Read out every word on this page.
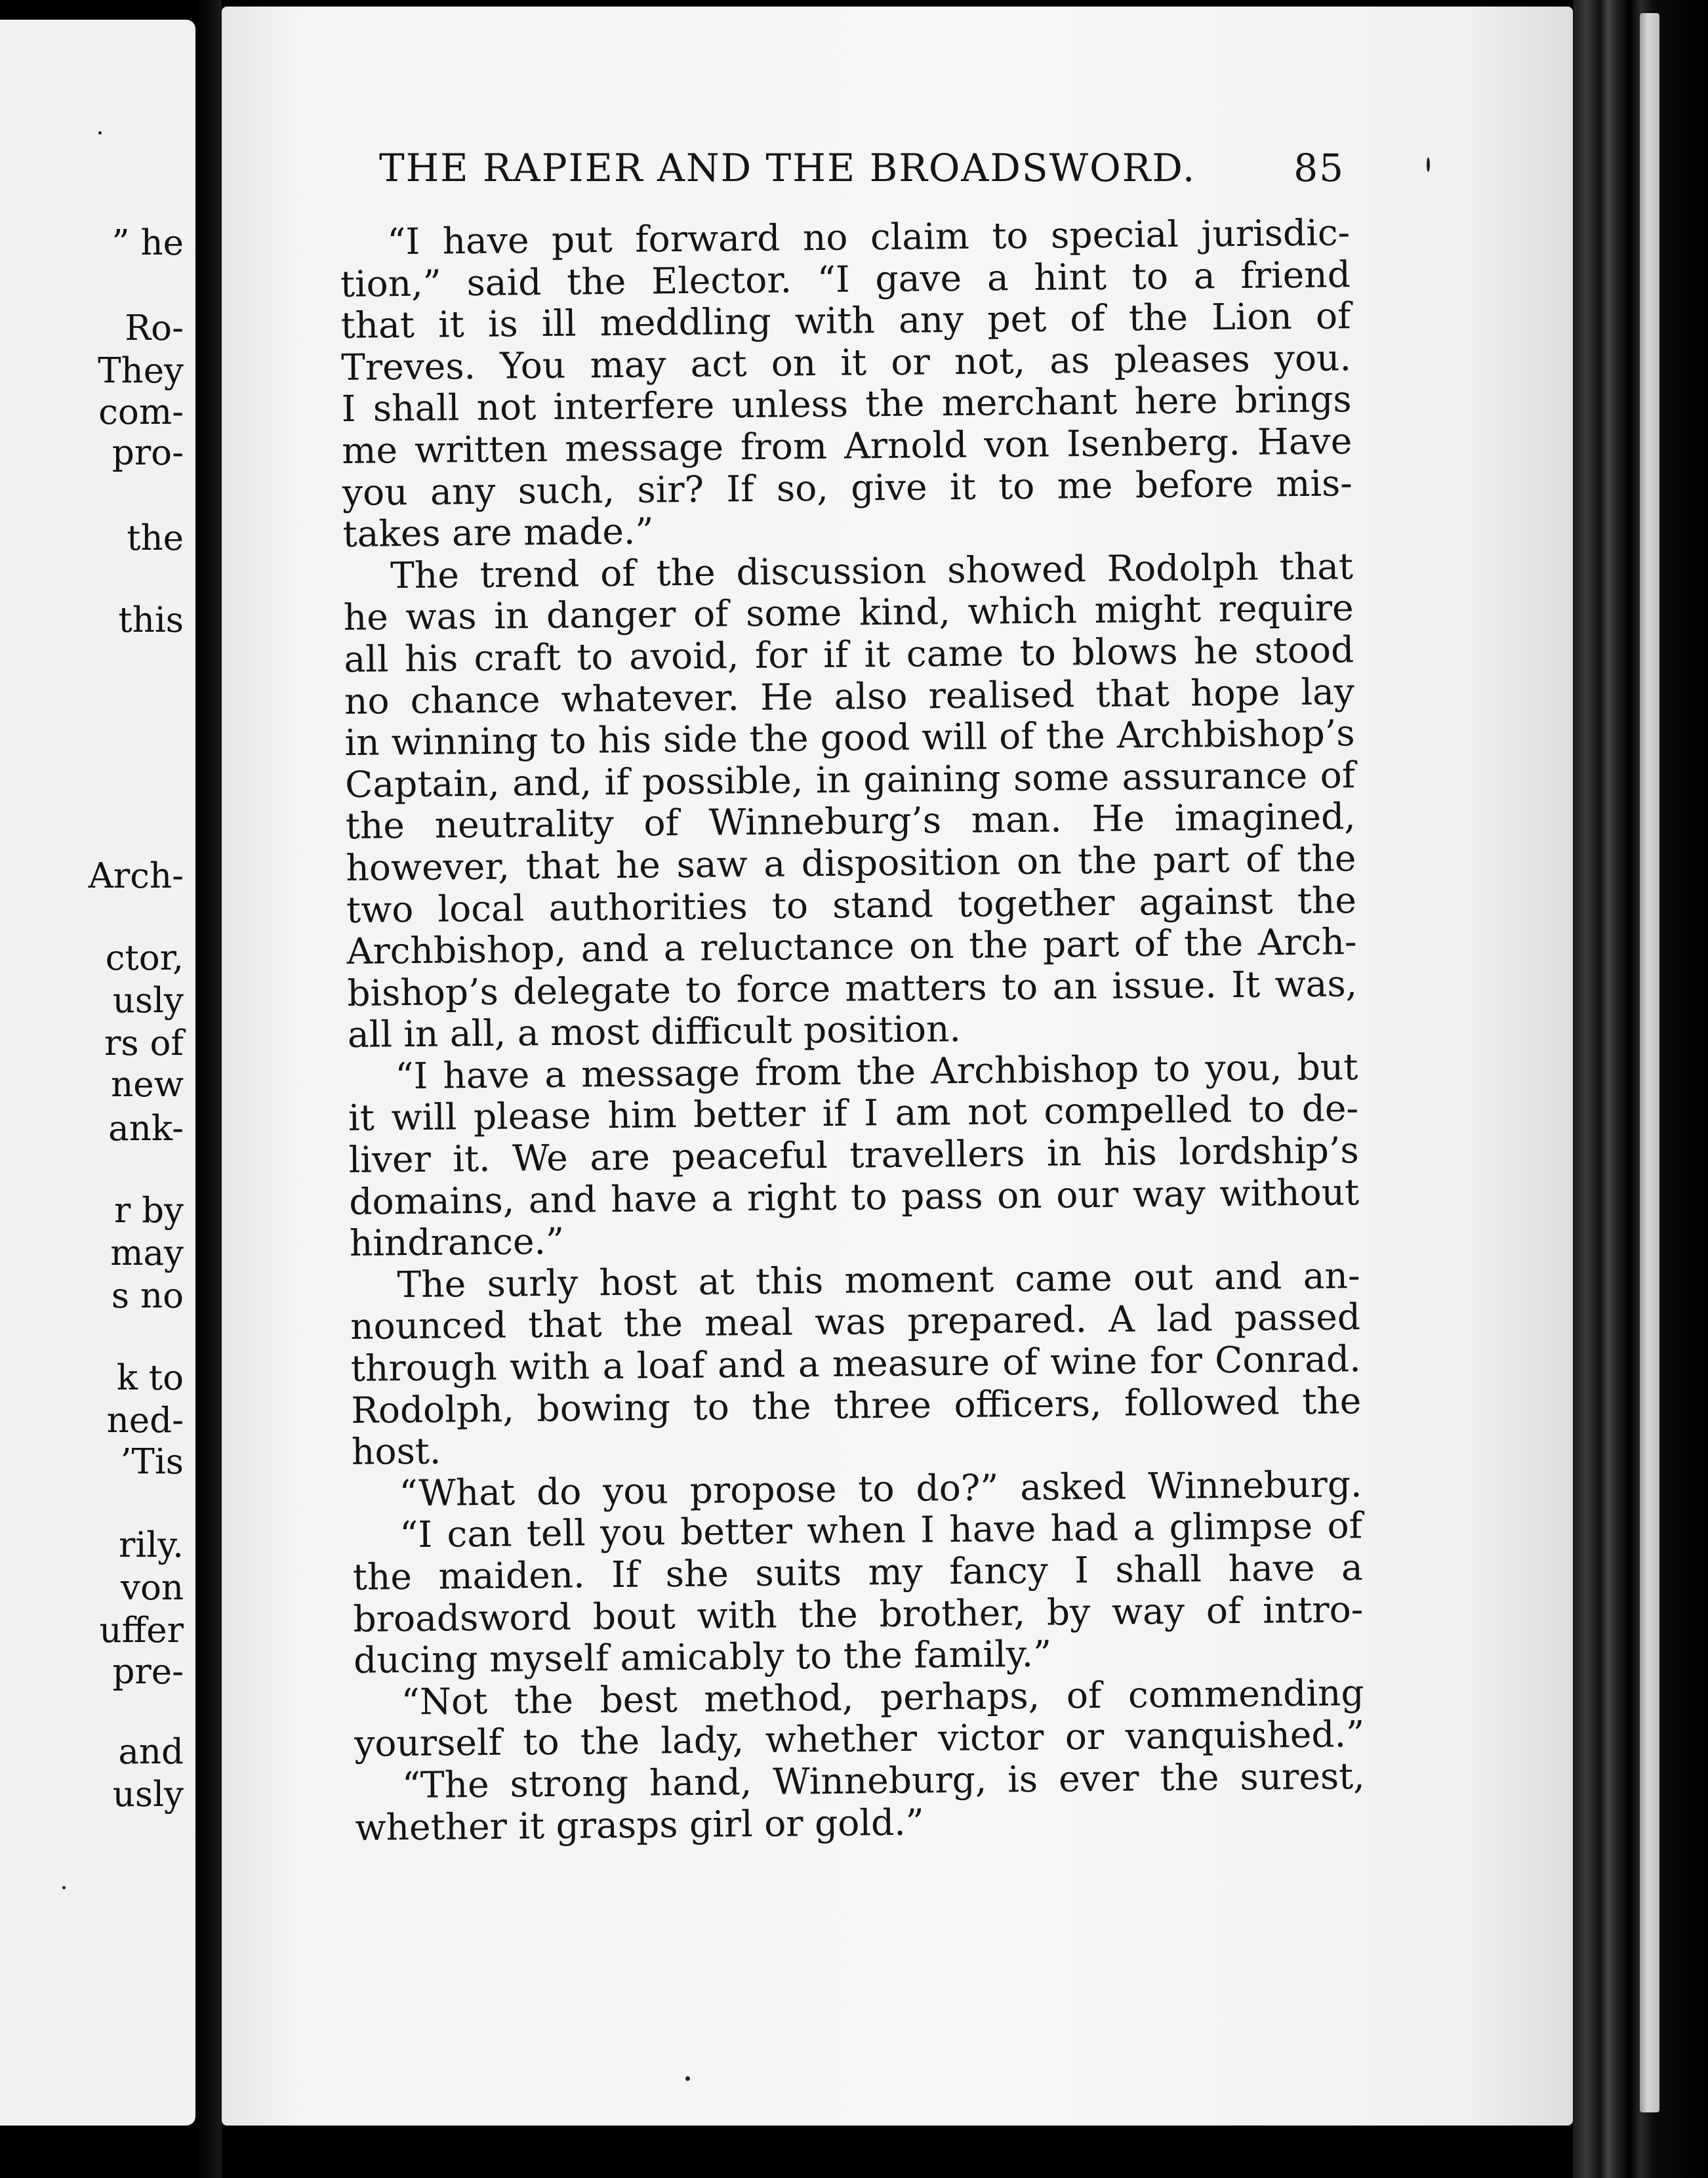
” he
Ro-
They
com-
pro-
the
this
Arch-
ctor,
usly
rs of
new
ank-
r by
may
s no
k to
ned-
’Tis
rily.
von
uffer
pre-
and
usly
THE RAPIER AND THE BROADSWORD.	85
“I have put forward no claim to special jurisdic-
tion,” said the Elector. “I gave a hint to a friend
that it is ill meddling with any pet of the Lion of
Treves. You may act on it or not, as pleases you.
I shall not interfere unless the merchant here brings
me written message from Arnold von Isenberg. Have
you any such, sir? If so, give it to me before mis-
takes are made.”
The trend of the discussion showed Rodolph that
he was in danger of some kind, which might require
all his craft to avoid, for if it came to blows he stood
no chance whatever. He also realised that hope lay
in winning to his side the good will of the Archbishop’s
Captain, and, if possible, in gaining some assurance of
the neutrality of Winneburg’s man. He imagined,
however, that he saw a disposition on the part of the
two local authorities to stand together against the
Archbishop, and a reluctance on the part of the Arch-
bishop’s delegate to force matters to an issue. It was,
all in all, a most difficult position.
“I have a message from the Archbishop to you, but
it will please him better if I am not compelled to de-
liver it. We are peaceful travellers in his lordship’s
domains, and have a right to pass on our way without
hindrance.”
The surly host at this moment came out and an-
nounced that the meal was prepared. A lad passed
through with a loaf and a measure of wine for Conrad.
Rodolph, bowing to the three officers, followed the
host.
“What do you propose to do?” asked Winneburg.
“I can tell you better when I have had a glimpse of
the maiden. If she suits my fancy I shall have a
broadsword bout with the brother, by way of intro-
ducing myself amicably to the family.”
“Not the best method, perhaps, of commending
yourself to the lady, whether victor or vanquished.”
“The strong hand, Winneburg, is ever the surest,
whether it grasps girl or gold.”
